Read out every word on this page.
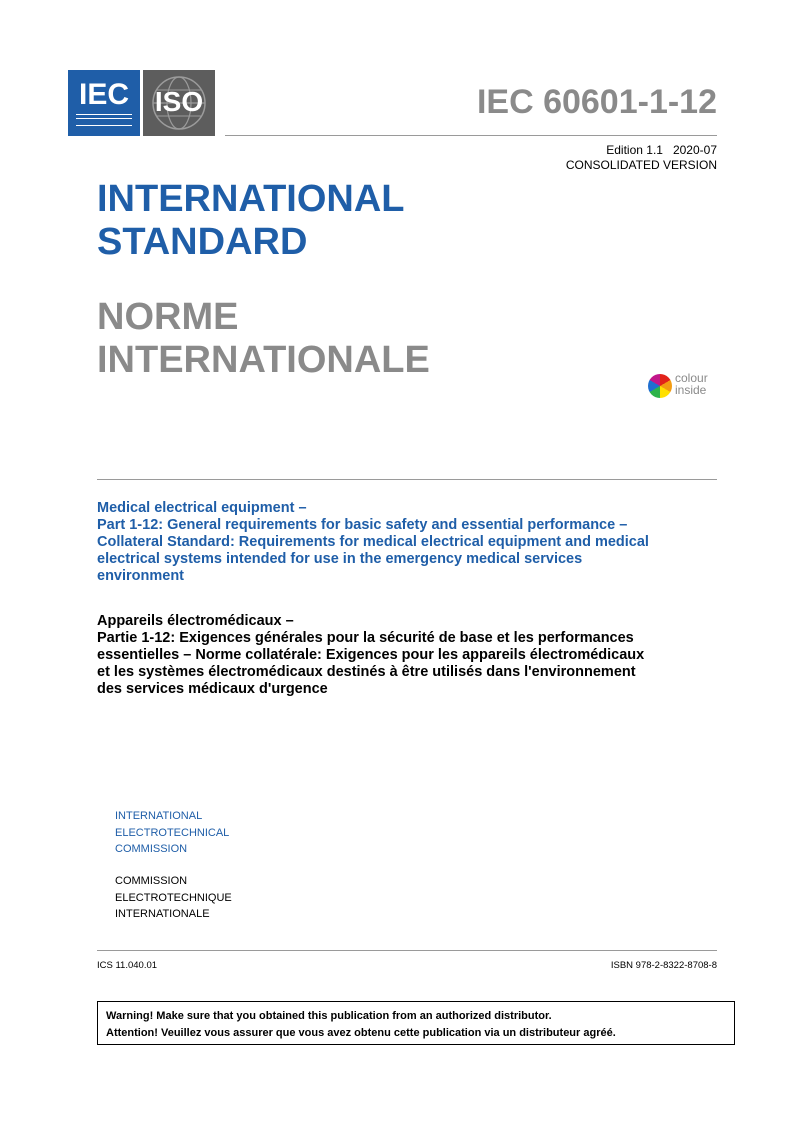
IEC ISO	IEC 60601-1-12
Edition 1.1   2020-07
CONSOLIDATED VERSION
INTERNATIONAL
STANDARD
NORME
INTERNATIONALE	colour
inside
Medical electrical equipment –
Part 1-12: General requirements for basic safety and essential performance –
Collateral Standard: Requirements for medical electrical equipment and medical
electrical systems intended for use in the emergency medical services
environment
Appareils électromédicaux –
Partie 1-12: Exigences générales pour la sécurité de base et les performances
essentielles – Norme collatérale: Exigences pour les appareils électromédicaux
et les systèmes électromédicaux destinés à être utilisés dans l'environnement
des services médicaux d'urgence
INTERNATIONAL
ELECTROTECHNICAL
COMMISSION
COMMISSION
ELECTROTECHNIQUE
INTERNATIONALE
ICS 11.040.01	ISBN 978-2-8322-8708-8
Warning! Make sure that you obtained this publication from an authorized distributor.
Attention! Veuillez vous assurer que vous avez obtenu cette publication via un distributeur agréé.
